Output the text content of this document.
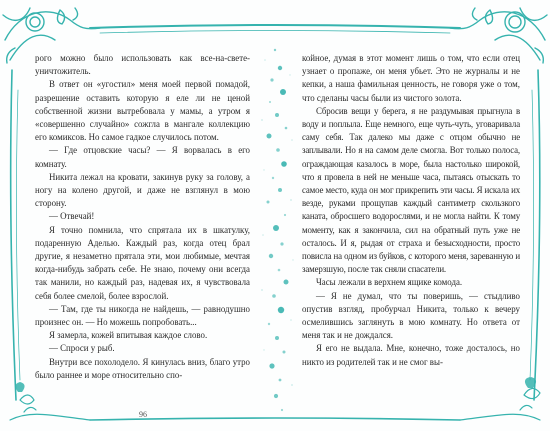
рого можно было использовать как все-на-свете-уничтожитель.

В ответ он «угостил» меня моей первой помадой, разрешение оставить которую я еле ли не ценой собственной жизни вытребовала у мамы, а утром я «совершенно случайно» сожгла в мангале коллекцию его комиксов. Но самое гадкое случилось потом.

— Где отцовские часы? — Я ворвалась в его комнату.

Никита лежал на кровати, закинув руку за голову, а ногу на колено другой, и даже не взглянул в мою сторону.

— Отвечай!

Я точно помнила, что спрятала их в шкатулку, подаренную Аделью. Каждый раз, когда отец брал другие, я незаметно прятала эти, мои любимые, мечтая когда-нибудь забрать себе. Не знаю, почему они всегда так манили, но каждый раз, надевая их, я чувствовала себя более смелой, более взрослой.

— Там, где ты никогда не найдешь, — равнодушно произнес он. — Но можешь попробовать...

Я замерла, кожей впитывая каждое слово.

— Спроси у рыб.

Внутри все похолодело. Я кинулась вниз, благо утро было раннее и море относительно спо-

койное, думая в этот момент лишь о том, что если отец узнает о пропаже, он меня убьет. Это не журналы и не кепки, а наша фамильная ценность, не говоря уже о том, что сделаны часы были из чистого золота.

Сбросив вещи у берега, я не раздумывая прыгнула в воду и поплыла. Еще немного, еще чуть-чуть, уговаривала саму себя. Так далеко мы даже с отцом обычно не заплывали. Но я на самом деле смогла. Вот только полоса, ограждающая казалось в море, была настолько широкой, что я провела в ней не меньше часа, пытаясь отыскать то самое место, куда он мог прикрепить эти часы. Я искала их везде, руками прощупав каждый сантиметр скользкого каната, обросшего водорослями, и не могла найти. К тому моменту, как я закончила, сил на обратный путь уже не осталось. И я, рыдая от страха и безысходности, просто повисла на одном из буйков, с которого меня, зареванную и замерзшую, после так сняли спасатели.

Часы лежали в верхнем ящике комода.

— Я не думал, что ты поверишь, — стыдливо опустив взгляд, пробурчал Никита, только к вечеру осмелившись заглянуть в мою комнату. Но ответа от меня так и не дождался.

Я его не выдала. Мне, конечно, тоже досталось, но никто из родителей так и не смог вы-

96
